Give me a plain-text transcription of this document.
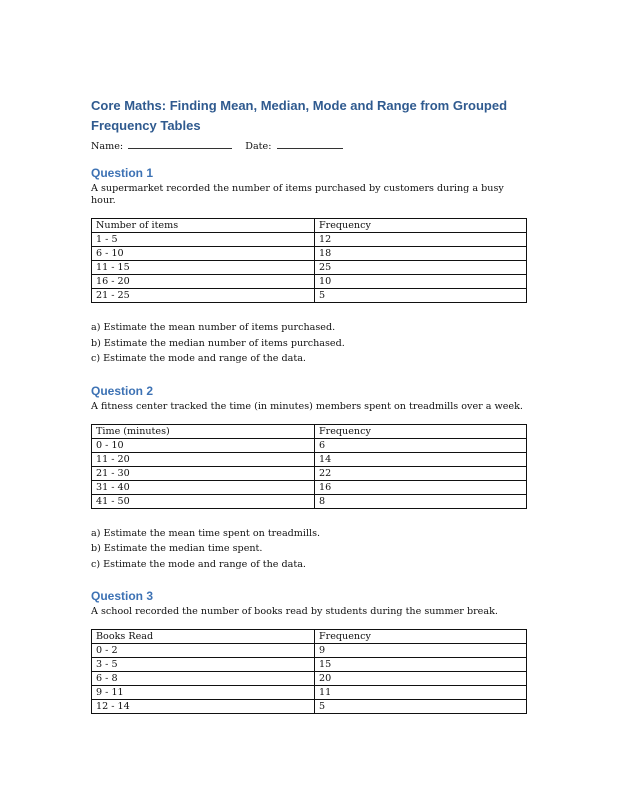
Core Maths: Finding Mean, Median, Mode and Range from Grouped Frequency Tables
Name:	Date:
Question 1

A supermarket recorded the number of items purchased by customers during a busy hour.

Number of items	Frequency
1 - 5	12
6 - 10	18
11 - 15	25
16 - 20	10
21 - 25	5
a) Estimate the mean number of items purchased.
b) Estimate the median number of items purchased.
c) Estimate the mode and range of the data.
Question 2

A fitness center tracked the time (in minutes) members spent on treadmills over a week.

Time (minutes)	Frequency
0 - 10	6
11 - 20	14
21 - 30	22
31 - 40	16
41 - 50	8
a) Estimate the mean time spent on treadmills.
b) Estimate the median time spent.
c) Estimate the mode and range of the data.
Question 3

A school recorded the number of books read by students during the summer break.

Books Read	Frequency
0 - 2	9
3 - 5	15
6 - 8	20
9 - 11	11
12 - 14	5
